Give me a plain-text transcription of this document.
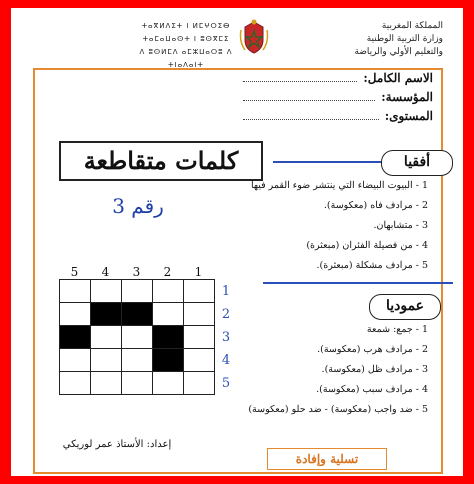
ⵜⴰⴳⵍⴷⵉⵜ ⵏ ⵍⵎⵖⵔⵉⴱ
ⵜⴰⵎⴰⵡⴰⵙⵜ ⵏ ⵓⵙⴳⵎⵉ
ⴷ ⵓⵙⵍⵎⴷ ⴰⵎⵣⵡⴰⵔⵓ ⴷ ⵜⵏⴰⴷⴰⵏⵜ
المملكة المغربية
وزارة التربية الوطنية
والتعليم الأولي والرياضة
الاسم الكامل:
المؤسسة:
المستوى:
كلمات متقاطعة
رقم 3
أفقيا
1 - البيوت البيضاء التي ينتشر ضوء القمر فيها
2 - مرادف فاه (معكوسة).
3 - متشابهان.
4 - من فصيلة الفئران (مبعثرة)
5 - مرادف مشكلة (مبعثرة).
عموديا
1 - جمع: شمعة
2 - مرادف هرب (معكوسة).
3 - مرادف ظل (معكوسة).
4 - مرادف سبب (معكوسة).
5 - ضد واجب (معكوسة) - ضد حلو (معكوسة)
5	4	3	2	1
1
2
3
4
5
إعداد: الأستاذ عمر لوريكي
تسلية وإفادة
